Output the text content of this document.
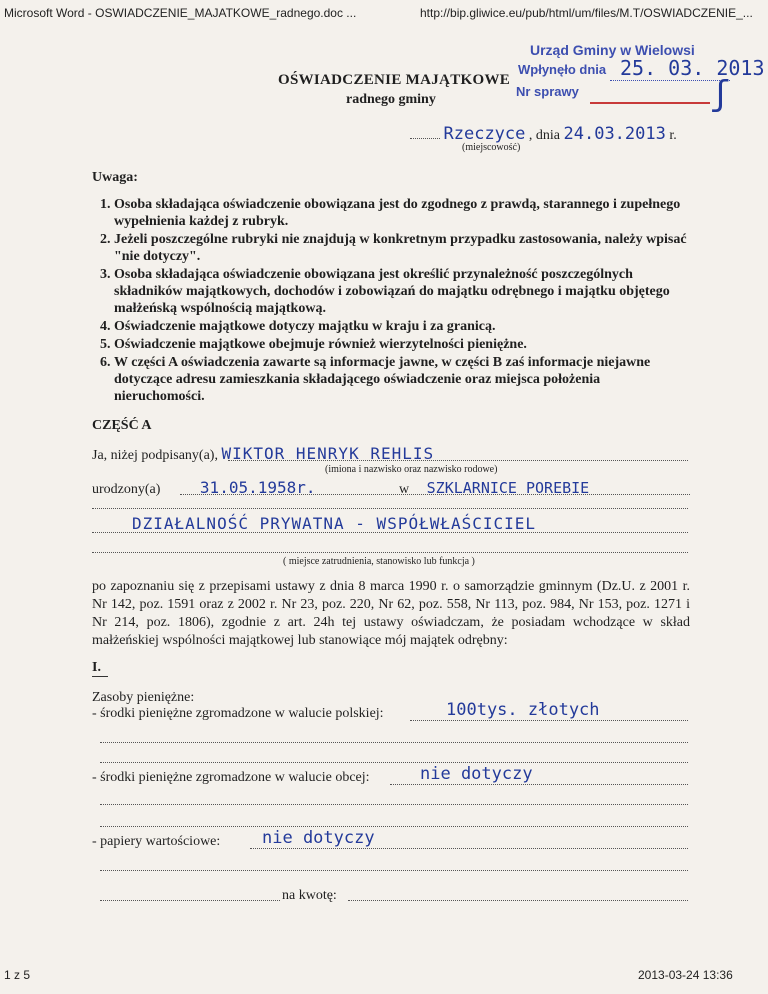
Microsoft Word - OSWIADCZENIE_MAJATKOWE_radnego.doc ...	http://bip.gliwice.eu/pub/html/um/files/M.T/OSWIADCZENIE_...
Urząd Gminy w Wielowsi
Wpłynęło dnia 25. 03. 2013
Nr sprawy	ʃ
OŚWIADCZENIE MAJĄTKOWE
radnego gminy
Rzeczyce , dnia 24.03.2013 r.
(miejscowość)
Uwaga:
1. Osoba składająca oświadczenie obowiązana jest do zgodnego z prawdą, starannego i zupełnego wypełnienia każdej z rubryk.
2. Jeżeli poszczególne rubryki nie znajdują w konkretnym przypadku zastosowania, należy wpisać "nie dotyczy".
3. Osoba składająca oświadczenie obowiązana jest określić przynależność poszczególnych składników majątkowych, dochodów i zobowiązań do majątku odrębnego i majątku objętego małżeńską wspólnością majątkową.
4. Oświadczenie majątkowe dotyczy majątku w kraju i za granicą.
5. Oświadczenie majątkowe obejmuje również wierzytelności pieniężne.
6. W części A oświadczenia zawarte są informacje jawne, w części B zaś informacje niejawne dotyczące adresu zamieszkania składającego oświadczenie oraz miejsca położenia nieruchomości.
CZĘŚĆ A
Ja, niżej podpisany(a), WIKTOR HENRYK REHLIS
(imiona i nazwisko oraz nazwisko rodowe)
urodzony(a) 31.05.1958r.	w SZKLARNICE POREBIE
DZIAŁALNOŚĆ PRYWATNA - WSPÓŁWŁAŚCICIEL
( miejsce zatrudnienia, stanowisko lub funkcja )
po zapoznaniu się z przepisami ustawy z dnia 8 marca 1990 r. o samorządzie gminnym (Dz.U. z 2001 r. Nr 142, poz. 1591 oraz z 2002 r. Nr 23, poz. 220, Nr 62, poz. 558, Nr 113, poz. 984, Nr 153, poz. 1271 i Nr 214, poz. 1806), zgodnie z art. 24h tej ustawy oświadczam, że posiadam wchodzące w skład małżeńskiej wspólności majątkowej lub stanowiące mój majątek odrębny:
I.
Zasoby pieniężne:
- środki pieniężne zgromadzone w walucie polskiej:	100tys. złotych
- środki pieniężne zgromadzone w walucie obcej:	nie dotyczy
- papiery wartościowe: nie dotyczy
na kwotę:
1 z 5	2013-03-24 13:36
